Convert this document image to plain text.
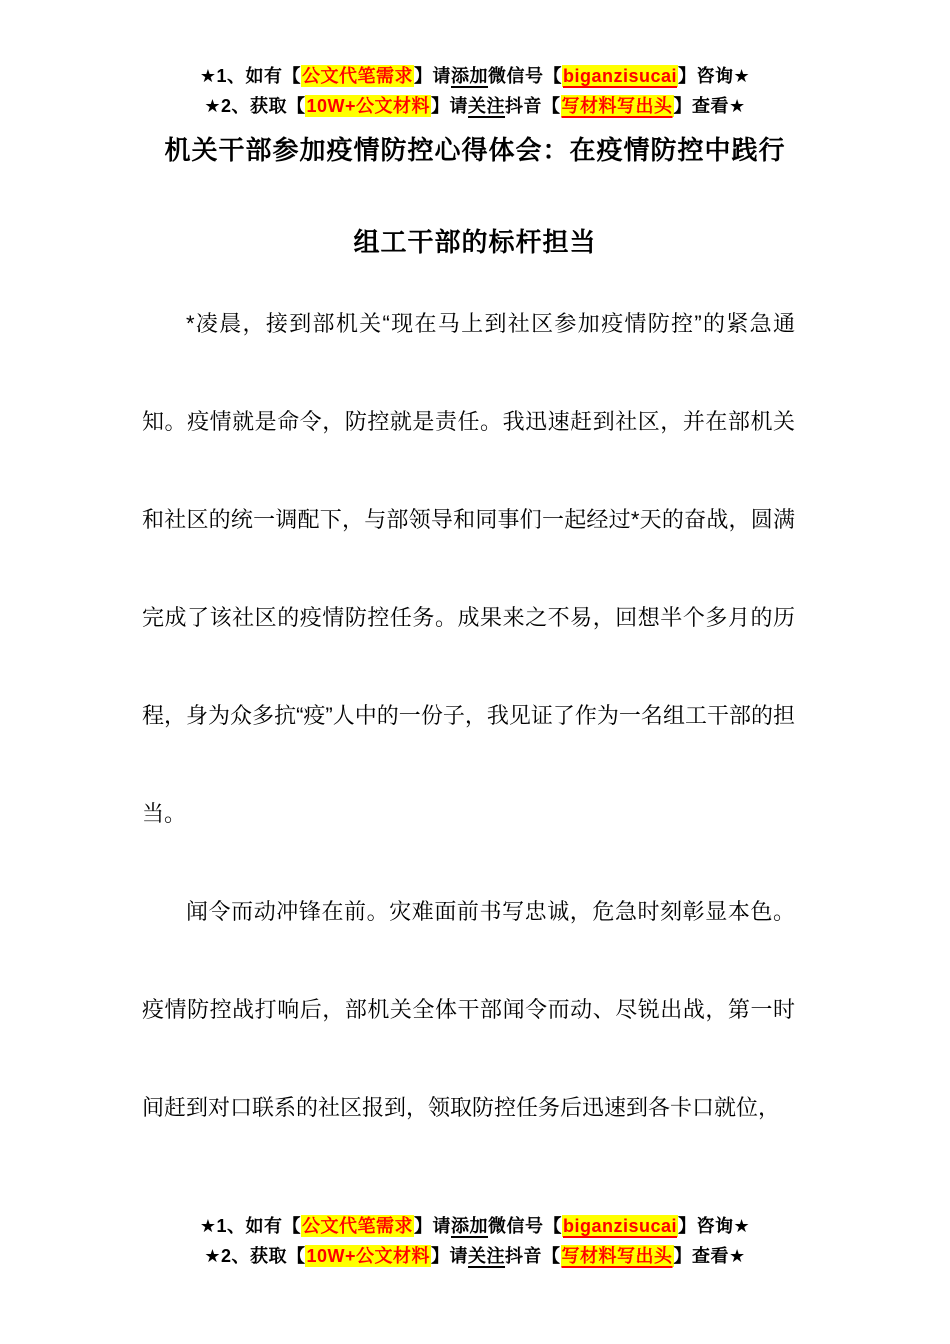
★1、如有【公文代笔需求】请添加微信号【biganzisucai】咨询★
★2、获取【10W+公文材料】请关注抖音【写材料写出头】查看★
机关干部参加疫情防控心得体会：在疫情防控中践行
组工干部的标杆担当

*凌晨，接到部机关“现在马上到社区参加疫情防控”的紧急通知。疫情就是命令，防控就是责任。我迅速赶到社区，并在部机关和社区的统一调配下，与部领导和同事们一起经过*天的奋战，圆满完成了该社区的疫情防控任务。成果来之不易，回想半个多月的历程，身为众多抗“疫”人中的一份子，我见证了作为一名组工干部的担当。

闻令而动冲锋在前。灾难面前书写忠诚，危急时刻彰显本色。疫情防控战打响后，部机关全体干部闻令而动、尽锐出战，第一时间赶到对口联系的社区报到，领取防控任务后迅速到各卡口就位，

★1、如有【公文代笔需求】请添加微信号【biganzisucai】咨询★
★2、获取【10W+公文材料】请关注抖音【写材料写出头】查看★
